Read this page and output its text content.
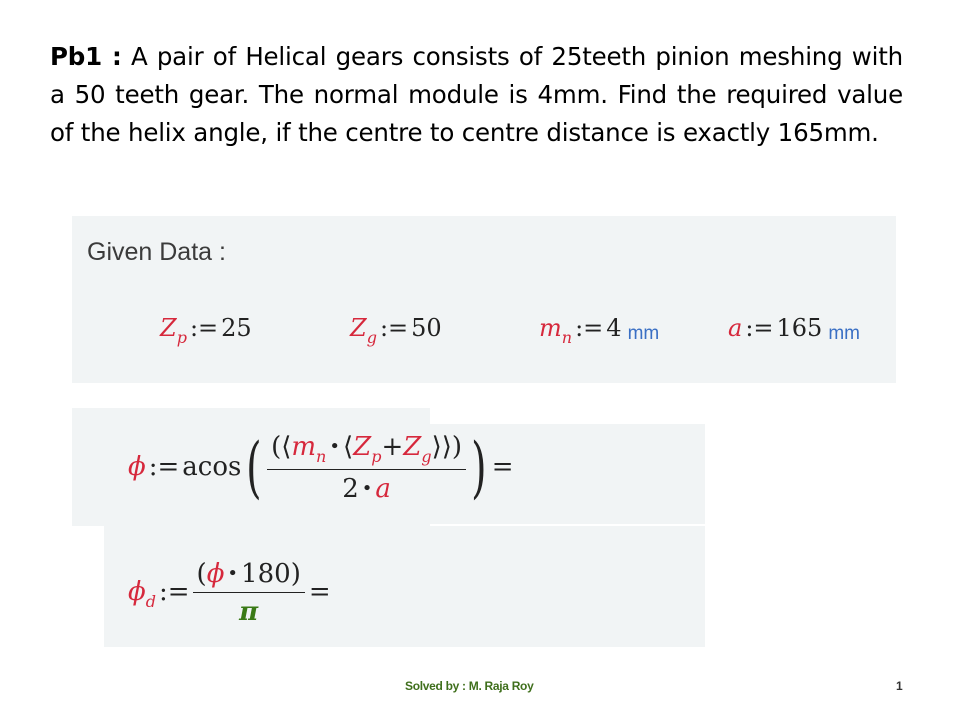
Pb1 : A pair of Helical gears consists of 25teeth pinion meshing with a 50 teeth gear. The normal module is 4mm. Find the required value of the helix angle, if the centre to centre distance is exactly 165mm.
Given Data :
$Z_p$ := 25	$Z_g$ := 50	$m_n$ := 4 mm	a := 165 mm
ϕ := $acos( \frac{(⟨m_n • ⟨Z_p+Z_g⟩⟩)}{2 • a}$ ) =
$\phi_d$ := $\frac{(\phi • 180)}{\pi}$ =
Solved by : M. Raja Roy	1
